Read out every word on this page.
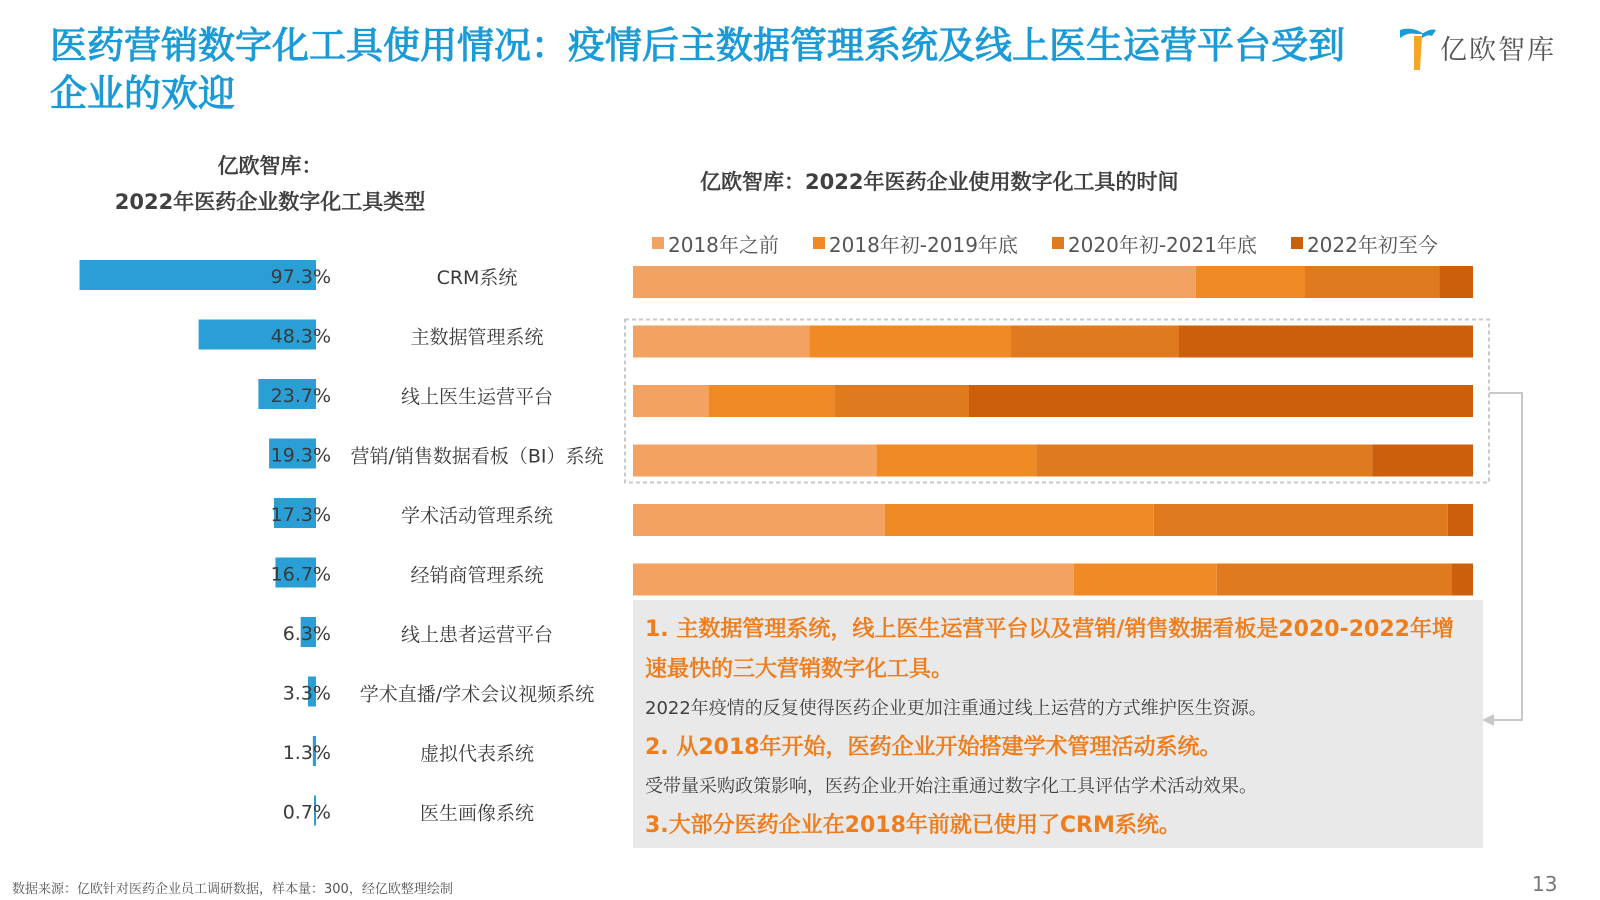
医药营销数字化工具使用情况：疫情后主数据管理系统及线上医生运营平台受到企业的欢迎
亿欧智库
亿欧智库：
2022年医药企业数字化工具类型
亿欧智库：2022年医药企业使用数字化工具的时间
2018年之前	2018年初-2019年底	2020年初-2021年底	2022年初至今
97.3%	CRM系统
48.3%	主数据管理系统
23.7%	线上医生运营平台
19.3% 营销/销售数据看板（BI）系统
17.3%	学术活动管理系统
16.7%	经销商管理系统
6.3%	线上患者运营平台
3.3% 学术直播/学术会议视频系统
1.3%	虚拟代表系统
0.7%	医生画像系统
1. 主数据管理系统，线上医生运营平台以及营销/销售数据看板是2020-2022年增速最快的三大营销数字化工具。
2022年疫情的反复使得医药企业更加注重通过线上运营的方式维护医生资源。
2. 从2018年开始，医药企业开始搭建学术管理活动系统。
受带量采购政策影响，医药企业开始注重通过数字化工具评估学术活动效果。
3.大部分医药企业在2018年前就已使用了CRM系统。
数据来源：亿欧针对医药企业员工调研数据，样本量：300，经亿欧整理绘制	13
